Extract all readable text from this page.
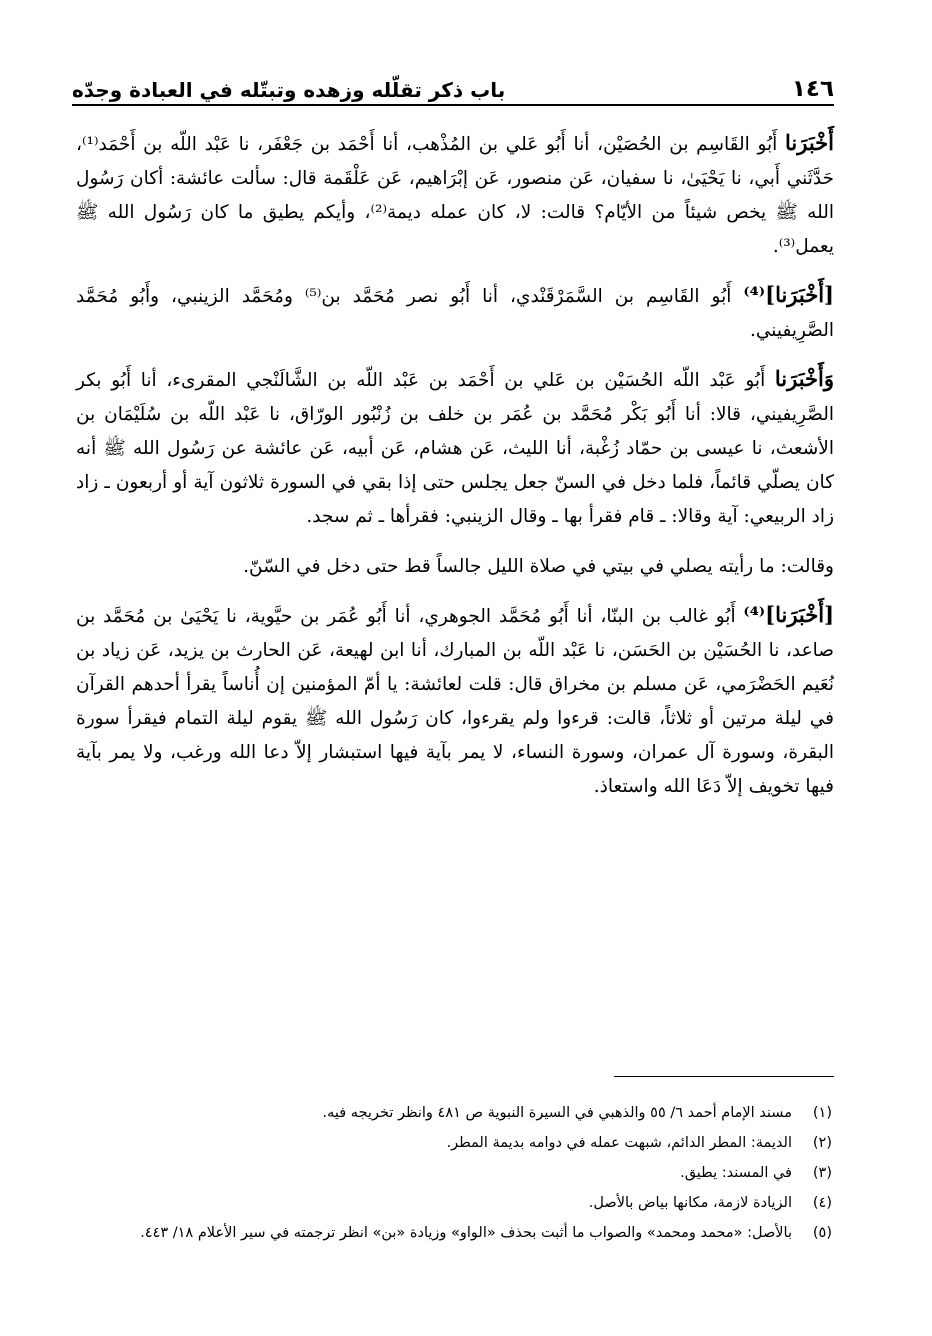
١٤٦
باب ذكر تقلّله وزهده وتبتّله في العبادة وجدّه

أَخْبَرَنا أَبُو القَاسِم بن الحُصَيْن، أنا أَبُو عَلي بن المُذْهب، أنا أَحْمَد بن جَعْفَر، نا عَبْد اللّه بن أَحْمَد⁽¹⁾، حَدَّثَني أَبي، نا يَحْيَىٰ، نا سفيان، عَن منصور، عَن إبْرَاهيم، عَن عَلْقَمة قال: سألت عائشة: أكان رَسُول الله ﷺ يخص شيئاً من الأيّام؟ قالت: لا، كان عمله ديمة⁽²⁾، وأيكم يطيق ما كان رَسُول الله ﷺ يعمل⁽³⁾.

[أَخْبَرَنا]⁽⁴⁾ أَبُو القَاسِم بن السَّمَرْقَنْدي، أنا أَبُو نصر مُحَمَّد بن⁽⁵⁾ ومُحَمَّد الزينبي، وأَبُو مُحَمَّد الصَّرِيفيني.

وَأَخْبَرَنا أَبُو عَبْد اللّه الحُسَيْن بن عَلي بن أَحْمَد بن عَبْد اللّه بن الشَّالَنْجي المقرىء، أنا أَبُو بكر الصَّرِيفيني، قالا: أنا أَبُو بَكْر مُحَمَّد بن عُمَر بن خلف بن زُنْبُور الورّاق، نا عَبْد اللّه بن سُلَيْمَان بن الأشعث، نا عيسى بن حمّاد زُغْبة، أنا الليث، عَن هشام، عَن أبيه، عَن عائشة عن رَسُول الله ﷺ أنه كان يصلّي قائماً، فلما دخل في السنّ جعل يجلس حتى إذا بقي في السورة ثلاثون آية أو أربعون ـ زاد زاد الربيعي: آية وقالا: ـ قام فقرأ بها ـ وقال الزينبي: فقرأها ـ ثم سجد.

وقالت: ما رأيته يصلي في بيتي في صلاة الليل جالساً قط حتى دخل في السّنّ.

[أَخْبَرَنا]⁽⁴⁾ أَبُو غالب بن البنّا، أنا أَبُو مُحَمَّد الجوهري، أنا أَبُو عُمَر بن حيَّوية، نا يَحْيَىٰ بن مُحَمَّد بن صاعد، نا الحُسَيْن بن الحَسَن، نا عَبْد اللّه بن المبارك، أنا ابن لهيعة، عَن الحارث بن يزيد، عَن زياد بن نُعَيم الحَضْرَمي، عَن مسلم بن مخراق قال: قلت لعائشة: يا أمّ المؤمنين إن أُناساً يقرأ أحدهم القرآن في ليلة مرتين أو ثلاثاً، قالت: قرءوا ولم يقرءوا، كان رَسُول الله ﷺ يقوم ليلة التمام فيقرأ سورة البقرة، وسورة آل عمران، وسورة النساء، لا يمر بآية فيها استبشار إلاّ دعا الله ورغب، ولا يمر بآية فيها تخويف إلاّ دَعَا الله واستعاذ.

(١)
مسند الإمام أحمد ٦/ ٥٥ والذهبي في السيرة النبوية ص ٤٨١ وانظر تخريجه فيه.
(٢)
الديمة: المطر الدائم، شبهت عمله في دوامه بديمة المطر.
(٣)
في المسند: يطيق.
(٤)
الزيادة لازمة، مكانها بياض بالأصل.
(٥)
بالأصل: «محمد ومحمد» والصواب ما أثبت بحذف «الواو» وزيادة «بن» انظر ترجمته في سير الأعلام ١٨/ ٤٤٣.
